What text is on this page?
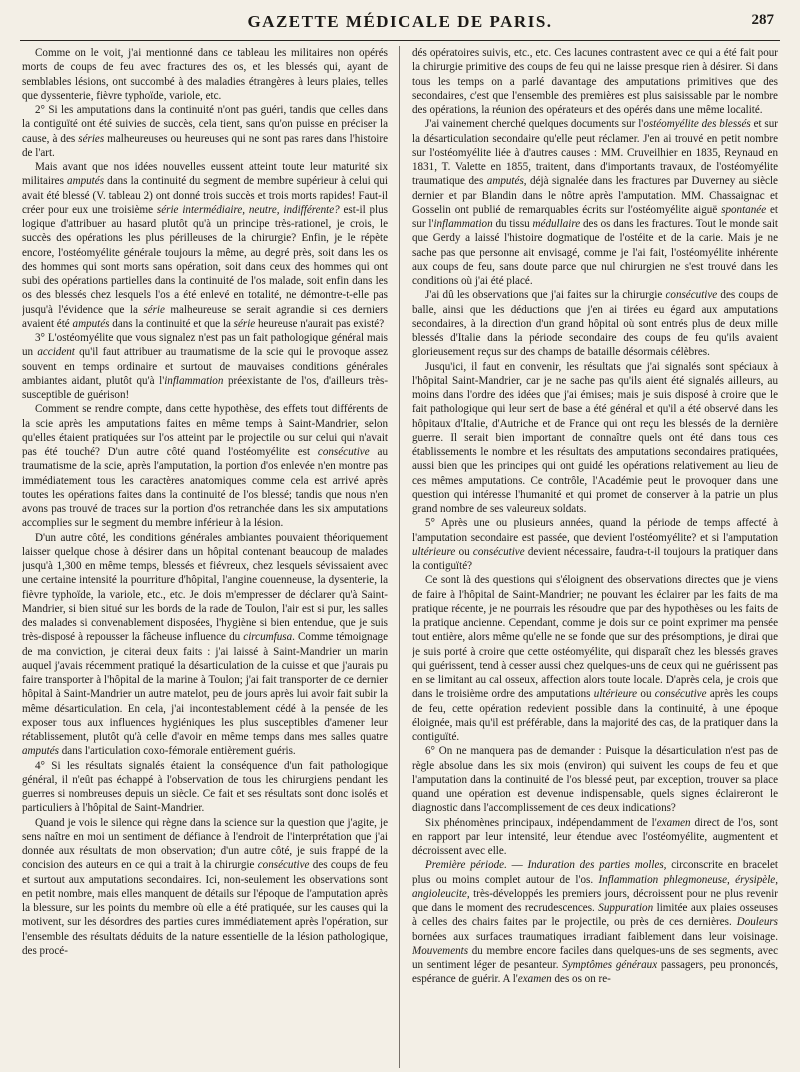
GAZETTE MÉDICALE DE PARIS.	287

Comme on le voit, j'ai mentionné dans ce tableau les militaires non opérés morts de coups de feu avec fractures des os, et les blessés qui, ayant de semblables lésions, ont succombé à des maladies étrangères à leurs plaies, telles que dyssenterie, fièvre typhoïde, variole, etc.

2° Si les amputations dans la continuité n'ont pas guéri, tandis que celles dans la contiguïté ont été suivies de succès, cela tient, sans qu'on puisse en préciser la cause, à des séries malheureuses ou heureuses qui ne sont pas rares dans l'histoire de l'art.

Mais avant que nos idées nouvelles eussent atteint toute leur maturité six militaires amputés dans la continuité du segment de membre supérieur à celui qui avait été blessé (V. tableau 2) ont donné trois succès et trois morts rapides! Faut-il créer pour eux une troisième série intermédiaire, neutre, indifférente? est-il plus logique d'attribuer au hasard plutôt qu'à un principe très-rationel, je crois, le succès des opérations les plus périlleuses de la chirurgie? Enfin, je le répète encore, l'ostéomyélite générale toujours la même, au degré près, soit dans les os des hommes qui sont morts sans opération, soit dans ceux des hommes qui ont subi des opérations partielles dans la continuité de l'os malade, soit enfin dans les os des blessés chez lesquels l'os a été enlevé en totalité, ne démontre-t-elle pas jusqu'à l'évidence que la série malheureuse se serait agrandie si ces derniers avaient été amputés dans la continuité et que la série heureuse n'aurait pas existé?

3° L'ostéomyélite que vous signalez n'est pas un fait pathologique général mais un accident qu'il faut attribuer au traumatisme de la scie qui le provoque assez souvent en temps ordinaire et surtout de mauvaises conditions générales ambiantes aidant, plutôt qu'à l'inflammation préexistante de l'os, d'ailleurs très-susceptible de guérison!

Comment se rendre compte, dans cette hypothèse, des effets tout différents de la scie après les amputations faites en même temps à Saint-Mandrier, selon qu'elles étaient pratiquées sur l'os atteint par le projectile ou sur celui qui n'avait pas été touché? D'un autre côté quand l'ostéomyélite est consécutive au traumatisme de la scie, après l'amputation, la portion d'os enlevée n'en montre pas immédiatement tous les caractères anatomiques comme cela est arrivé après toutes les opérations faites dans la continuité de l'os blessé; tandis que nous n'en avons pas trouvé de traces sur la portion d'os retranchée dans les six amputations accomplies sur le segment du membre inférieur à la lésion.

D'un autre côté, les conditions générales ambiantes pouvaient théoriquement laisser quelque chose à désirer dans un hôpital contenant beaucoup de malades jusqu'à 1,300 en même temps, blessés et fiévreux, chez lesquels sévissaient avec une certaine intensité la pourriture d'hôpital, l'angine couenneuse, la dysenterie, la fièvre typhoïde, la variole, etc., etc. Je dois m'empresser de déclarer qu'à Saint-Mandrier, si bien situé sur les bords de la rade de Toulon, l'air est si pur, les salles des malades si convenablement disposées, l'hygiène si bien entendue, que je suis très-disposé à repousser la fâcheuse influence du circumfusa. Comme témoignage de ma conviction, je citerai deux faits : j'ai laissé à Saint-Mandrier un marin auquel j'avais récemment pratiqué la désarticulation de la cuisse et que j'aurais pu faire transporter à l'hôpital de la marine à Toulon; j'ai fait transporter de ce dernier hôpital à Saint-Mandrier un autre matelot, peu de jours après lui avoir fait subir la même désarticulation. En cela, j'ai incontestablement cédé à la pensée de les exposer tous aux influences hygiéniques les plus susceptibles d'amener leur rétablissement, plutôt qu'à celle d'avoir en même temps dans mes salles quatre amputés dans l'articulation coxo-fémorale entièrement guéris.

4° Si les résultats signalés étaient la conséquence d'un fait pathologique général, il n'eût pas échappé à l'observation de tous les chirurgiens pendant les guerres si nombreuses depuis un siècle. Ce fait et ses résultats sont donc isolés et particuliers à l'hôpital de Saint-Mandrier.

Quand je vois le silence qui règne dans la science sur la question que j'agite, je sens naître en moi un sentiment de défiance à l'endroit de l'interprétation que j'ai donnée aux résultats de mon observation; d'un autre côté, je suis frappé de la concision des auteurs en ce qui a trait à la chirurgie consécutive des coups de feu et surtout aux amputations secondaires. Ici, non-seulement les observations sont en petit nombre, mais elles manquent de détails sur l'époque de l'amputation après la blessure, sur les points du membre où elle a été pratiquée, sur les causes qui la motivent, sur les désordres des parties cures immédiatement après l'opération, sur l'ensemble des résultats déduits de la nature essentielle de la lésion pathologique, des procé-

dés opératoires suivis, etc., etc. Ces lacunes contrastent avec ce qui a été fait pour la chirurgie primitive des coups de feu qui ne laisse presque rien à désirer. Si dans tous les temps on a parlé davantage des amputations primitives que des secondaires, c'est que l'ensemble des premières est plus saisissable par le nombre des opérations, la réunion des opérateurs et des opérés dans une même localité.

J'ai vainement cherché quelques documents sur l'ostéomyélite des blessés et sur la désarticulation secondaire qu'elle peut réclamer. J'en ai trouvé en petit nombre sur l'ostéomyélite liée à d'autres causes : MM. Cruveilhier en 1835, Reynaud en 1831, T. Valette en 1855, traitent, dans d'importants travaux, de l'ostéomyélite traumatique des amputés, déjà signalée dans les fractures par Duverney au siècle dernier et par Blandin dans le nôtre après l'amputation. MM. Chassaignac et Gosselin ont publié de remarquables écrits sur l'ostéomyélite aiguë spontanée et sur l'inflammation du tissu médullaire des os dans les fractures. Tout le monde sait que Gerdy a laissé l'histoire dogmatique de l'ostéite et de la carie. Mais je ne sache pas que personne ait envisagé, comme je l'ai fait, l'ostéomyélite inhérente aux coups de feu, sans doute parce que nul chirurgien ne s'est trouvé dans les conditions où j'ai été placé.

J'ai dû les observations que j'ai faites sur la chirurgie consécutive des coups de balle, ainsi que les déductions que j'en ai tirées eu égard aux amputations secondaires, à la direction d'un grand hôpital où sont entrés plus de deux mille blessés d'Italie dans la période secondaire des coups de feu qu'ils avaient glorieusement reçus sur des champs de bataille désormais célèbres.

Jusqu'ici, il faut en convenir, les résultats que j'ai signalés sont spéciaux à l'hôpital Saint-Mandrier, car je ne sache pas qu'ils aient été signalés ailleurs, au moins dans l'ordre des idées que j'ai émises; mais je suis disposé à croire que le fait pathologique qui leur sert de base a été général et qu'il a été observé dans les hôpitaux d'Italie, d'Autriche et de France qui ont reçu les blessés de la dernière guerre. Il serait bien important de connaître quels ont été dans tous ces établissements le nombre et les résultats des amputations secondaires pratiquées, aussi bien que les principes qui ont guidé les opérations relativement au lieu de ces mêmes amputations. Ce contrôle, l'Académie peut le provoquer dans une question qui intéresse l'humanité et qui promet de conserver à la patrie un plus grand nombre de ses valeureux soldats.

5° Après une ou plusieurs années, quand la période de temps affecté à l'amputation secondaire est passée, que devient l'ostéomyélite? et si l'amputation ultérieure ou consécutive devient nécessaire, faudra-t-il toujours la pratiquer dans la contiguïté?

Ce sont là des questions qui s'éloignent des observations directes que je viens de faire à l'hôpital de Saint-Mandrier; ne pouvant les éclairer par les faits de ma pratique récente, je ne pourrais les résoudre que par des hypothèses ou les faits de la pratique ancienne. Cependant, comme je dois sur ce point exprimer ma pensée tout entière, alors même qu'elle ne se fonde que sur des présomptions, je dirai que je suis porté à croire que cette ostéomyélite, qui disparaît chez les blessés graves qui guérissent, tend à cesser aussi chez quelques-uns de ceux qui ne guérissent pas en se limitant au cal osseux, affection alors toute locale. D'après cela, je crois que dans le troisième ordre des amputations ultérieure ou consécutive après les coups de feu, cette opération redevient possible dans la continuité, à une époque éloignée, mais qu'il est préférable, dans la majorité des cas, de la pratiquer dans la contiguïté.

6° On ne manquera pas de demander : Puisque la désarticulation n'est pas de règle absolue dans les six mois (environ) qui suivent les coups de feu et que l'amputation dans la continuité de l'os blessé peut, par exception, trouver sa place quand une opération est devenue indispensable, quels signes éclaireront le diagnostic dans l'accomplissement de ces deux indications?

Six phénomènes principaux, indépendamment de l'examen direct de l'os, sont en rapport par leur intensité, leur étendue avec l'ostéomyélite, augmentent et décroissent avec elle.

Première période. — Induration des parties molles, circonscrite en bracelet plus ou moins complet autour de l'os. Inflammation phlegmoneuse, érysipèle, angioleucite, très-développés les premiers jours, décroissent pour ne plus revenir que dans le moment des recrudescences. Suppuration limitée aux plaies osseuses à celles des chairs faites par le projectile, ou près de ces dernières. Douleurs bornées aux surfaces traumatiques irradiant faiblement dans leur voisinage. Mouvements du membre encore faciles dans quelques-uns de ses segments, avec un sentiment léger de pesanteur. Symptômes généraux passagers, peu prononcés, espérance de guérir. A l'examen des os on re-
